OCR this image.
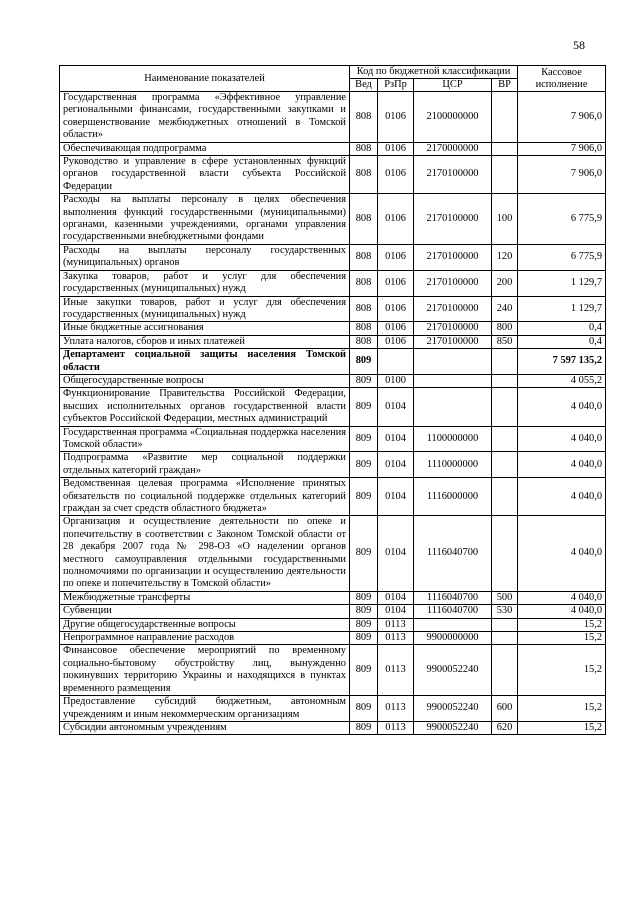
58
Наименование показателей	Код по бюджетной классификации				Кассовое исполнение
	Вед	РзПр	ЦСР	ВР	
Государственная программа «Эффективное управление региональными финансами, государственными закупками и совершенствование межбюджетных отношений в Томской области»	808	0106	2100000000		7 906,0
Обеспечивающая подпрограмма	808	0106	2170000000		7 906,0
Руководство и управление в сфере установленных функций органов государственной власти субъекта Российской Федерации	808	0106	2170100000		7 906,0
Расходы на выплаты персоналу в целях обеспечения выполнения функций государственными (муниципальными) органами, казенными учреждениями, органами управления государственными внебюджетными фондами	808	0106	2170100000	100	6 775,9
Расходы на выплаты персоналу государственных (муниципальных) органов	808	0106	2170100000	120	6 775,9
Закупка товаров, работ и услуг для обеспечения государственных (муниципальных) нужд	808	0106	2170100000	200	1 129,7
Иные закупки товаров, работ и услуг для обеспечения государственных (муниципальных) нужд	808	0106	2170100000	240	1 129,7
Иные бюджетные ассигнования	808	0106	2170100000	800	0,4
Уплата налогов, сборов и иных платежей	808	0106	2170100000	850	0,4
Департамент социальной защиты населения Томской области	809				7 597 135,2
Общегосударственные вопросы	809	0100			4 055,2
Функционирование Правительства Российской Федерации, высших исполнительных органов государственной власти субъектов Российской Федерации, местных администраций	809	0104			4 040,0
Государственная программа «Социальная поддержка населения Томской области»	809	0104	1100000000		4 040,0
Подпрограмма «Развитие мер социальной поддержки отдельных категорий граждан»	809	0104	1110000000		4 040,0
Ведомственная целевая программа «Исполнение принятых обязательств по социальной поддержке отдельных категорий граждан за счет средств областного бюджета»	809	0104	1116000000		4 040,0
Организация и осуществление деятельности по опеке и попечительству в соответствии с Законом Томской области от 28 декабря 2007 года № 298-ОЗ «О наделении органов местного самоуправления отдельными государственными полномочиями по организации и осуществлению деятельности по опеке и попечительству в Томской области»	809	0104	1116040700		4 040,0
Межбюджетные трансферты	809	0104	1116040700	500	4 040,0
Субвенции	809	0104	1116040700	530	4 040,0
Другие общегосударственные вопросы	809	0113			15,2
Непрограммное направление расходов	809	0113	9900000000		15,2
Финансовое обеспечение мероприятий по временному социально-бытовому обустройству лиц, вынужденно покинувших территорию Украины и находящихся в пунктах временного размещения	809	0113	9900052240		15,2
Предоставление субсидий бюджетным, автономным учреждениям и иным некоммерческим организациям	809	0113	9900052240	600	15,2
Субсидии автономным учреждениям	809	0113	9900052240	620	15,2
